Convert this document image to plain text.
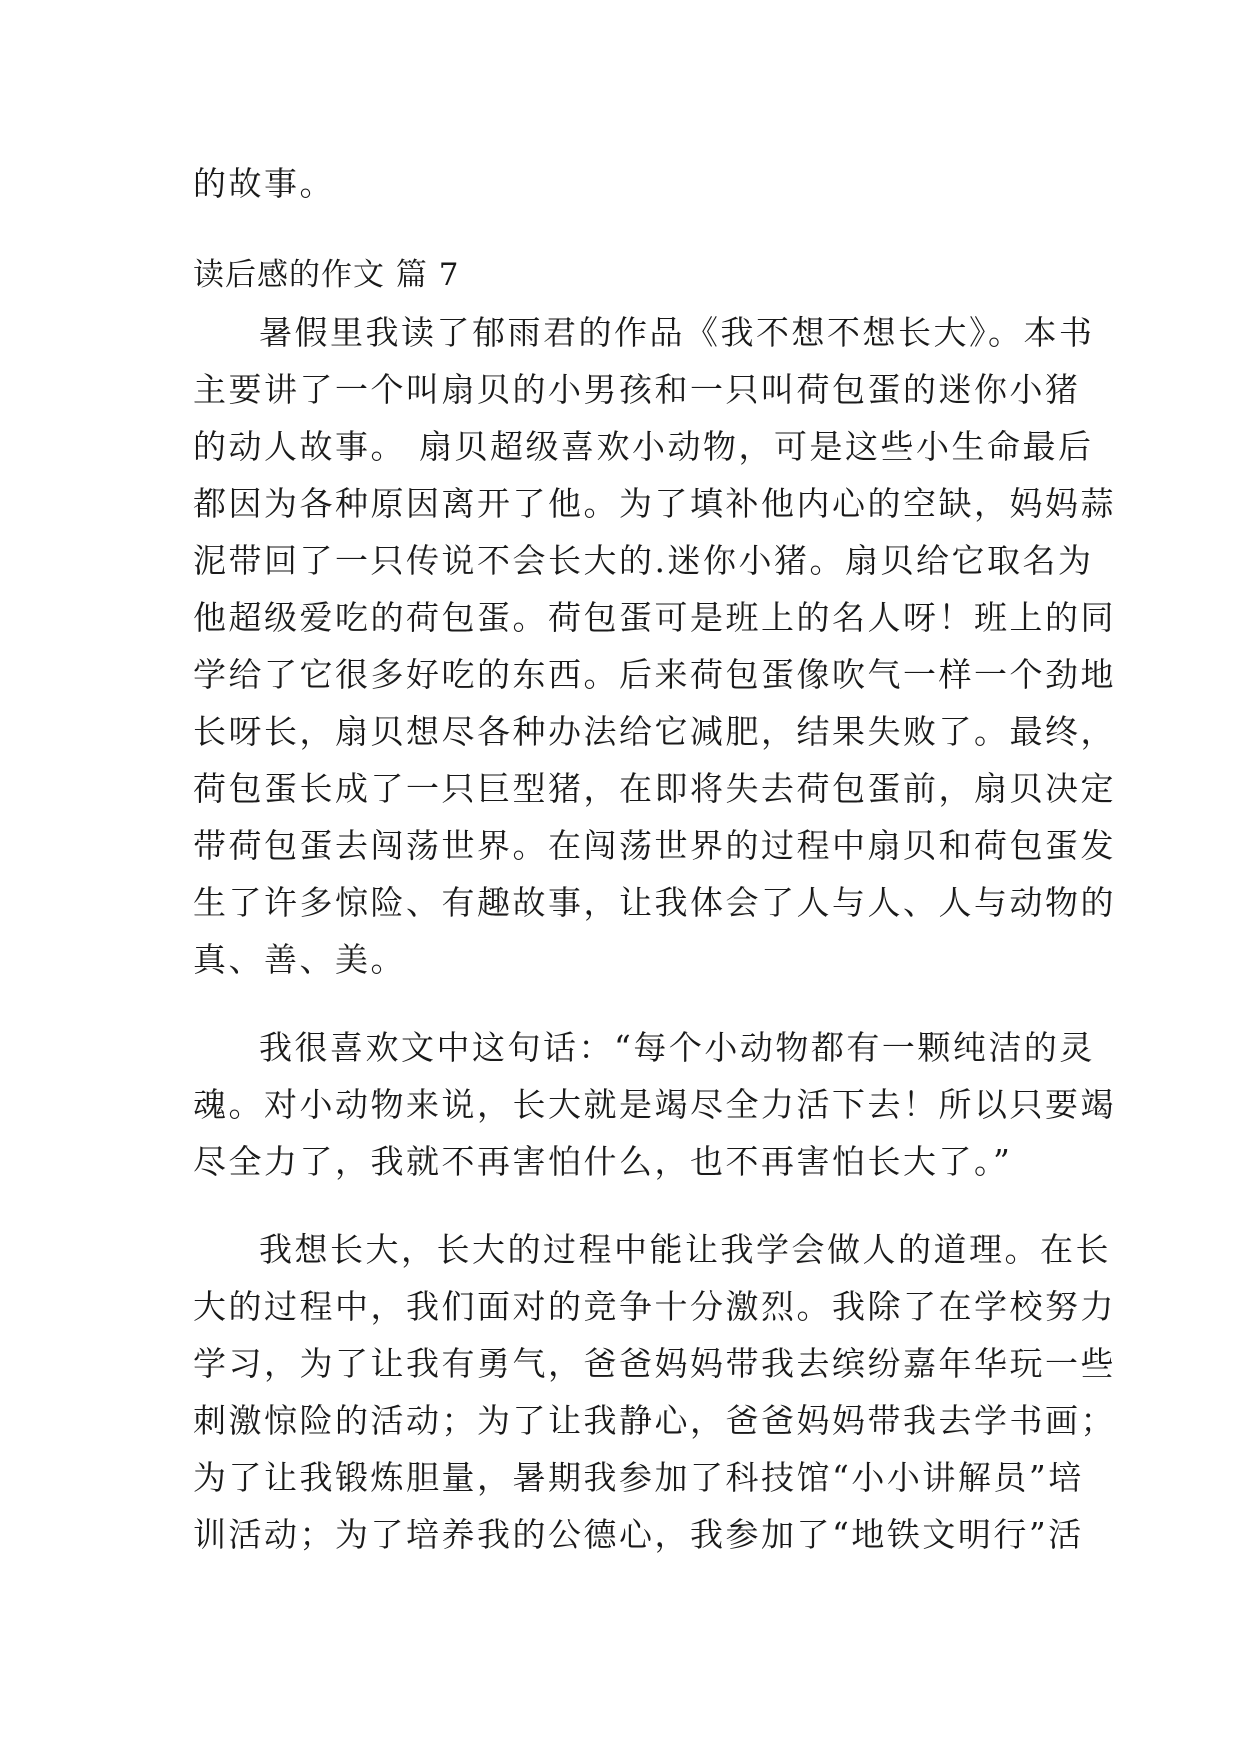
的故事。
读后感的作文 篇 7
暑假里我读了郁雨君的作品《我不想不想长大》。本书
主要讲了一个叫扇贝的小男孩和一只叫荷包蛋的迷你小猪
的动人故事。 扇贝超级喜欢小动物，可是这些小生命最后
都因为各种原因离开了他。为了填补他内心的空缺，妈妈蒜
泥带回了一只传说不会长大的.迷你小猪。扇贝给它取名为
他超级爱吃的荷包蛋。荷包蛋可是班上的名人呀！班上的同
学给了它很多好吃的东西。后来荷包蛋像吹气一样一个劲地
长呀长，扇贝想尽各种办法给它减肥，结果失败了。最终，
荷包蛋长成了一只巨型猪，在即将失去荷包蛋前，扇贝决定
带荷包蛋去闯荡世界。在闯荡世界的过程中扇贝和荷包蛋发
生了许多惊险、有趣故事，让我体会了人与人、人与动物的
真、善、美。
我很喜欢文中这句话：“每个小动物都有一颗纯洁的灵
魂。对小动物来说，长大就是竭尽全力活下去！所以只要竭
尽全力了，我就不再害怕什么，也不再害怕长大了。”
我想长大，长大的过程中能让我学会做人的道理。在长
大的过程中，我们面对的竞争十分激烈。我除了在学校努力
学习，为了让我有勇气，爸爸妈妈带我去缤纷嘉年华玩一些
刺激惊险的活动；为了让我静心，爸爸妈妈带我去学书画；
为了让我锻炼胆量，暑期我参加了科技馆“小小讲解员”培
训活动；为了培养我的公德心，我参加了“地铁文明行”活
